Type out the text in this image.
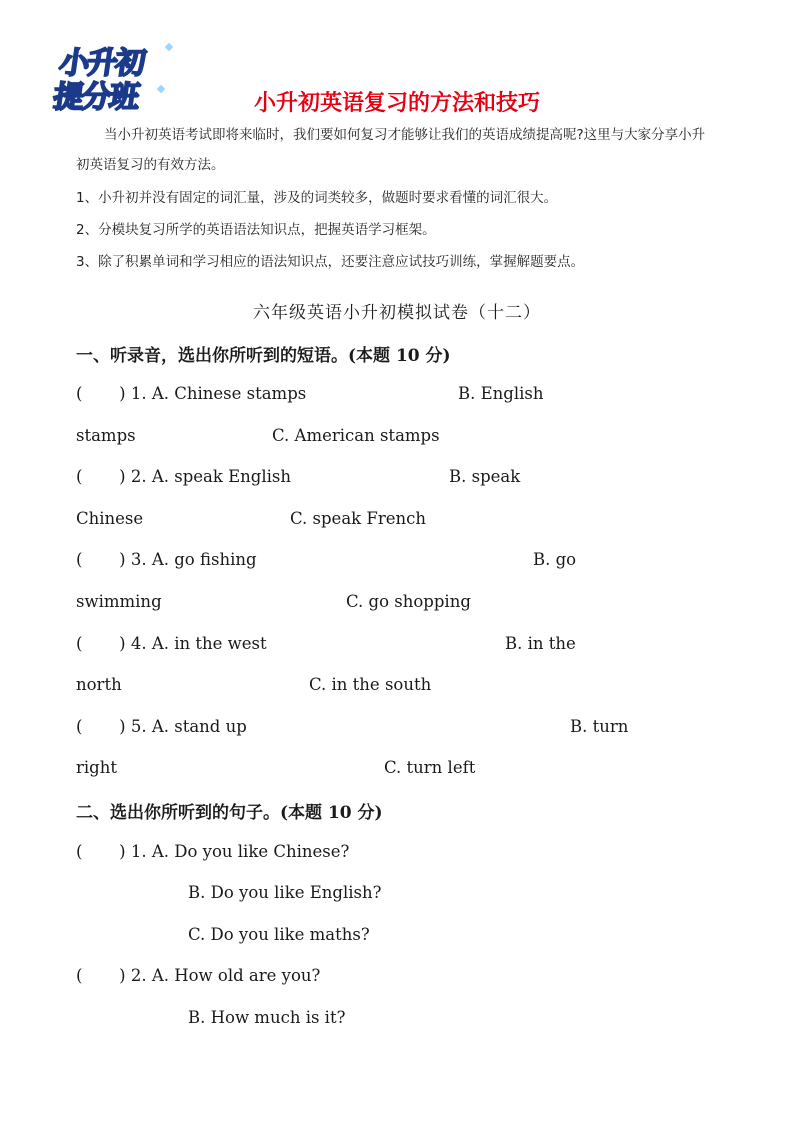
小升初
提分班	小升初英语复习的方法和技巧
当小升初英语考试即将来临时，我们要如何复习才能够让我们的英语成绩提高呢?这里与大家分享小升初英语复习的有效方法。
1、小升初并没有固定的词汇量，涉及的词类较多，做题时要求看懂的词汇很大。
2、分模块复习所学的英语语法知识点，把握英语学习框架。
3、除了积累单词和学习相应的语法知识点，还要注意应试技巧训练，掌握解题要点。
六年级英语小升初模拟试卷（十二）
一、听录音，选出你所听到的短语。(本题 10 分)
(       ) 1. A. Chinese stamps	B. English
stamps	C. American stamps
(       ) 2. A. speak English	B. speak
Chinese	C. speak French
(       ) 3. A. go fishing	B. go
swimming	C. go shopping
(       ) 4. A. in the west	B. in the
north	C. in the south
(       ) 5. A. stand up	B. turn
right	C. turn left
二、选出你所听到的句子。(本题 10 分)
(       ) 1. A. Do you like Chinese?
B. Do you like English?
C. Do you like maths?
(       ) 2. A. How old are you?
B. How much is it?
